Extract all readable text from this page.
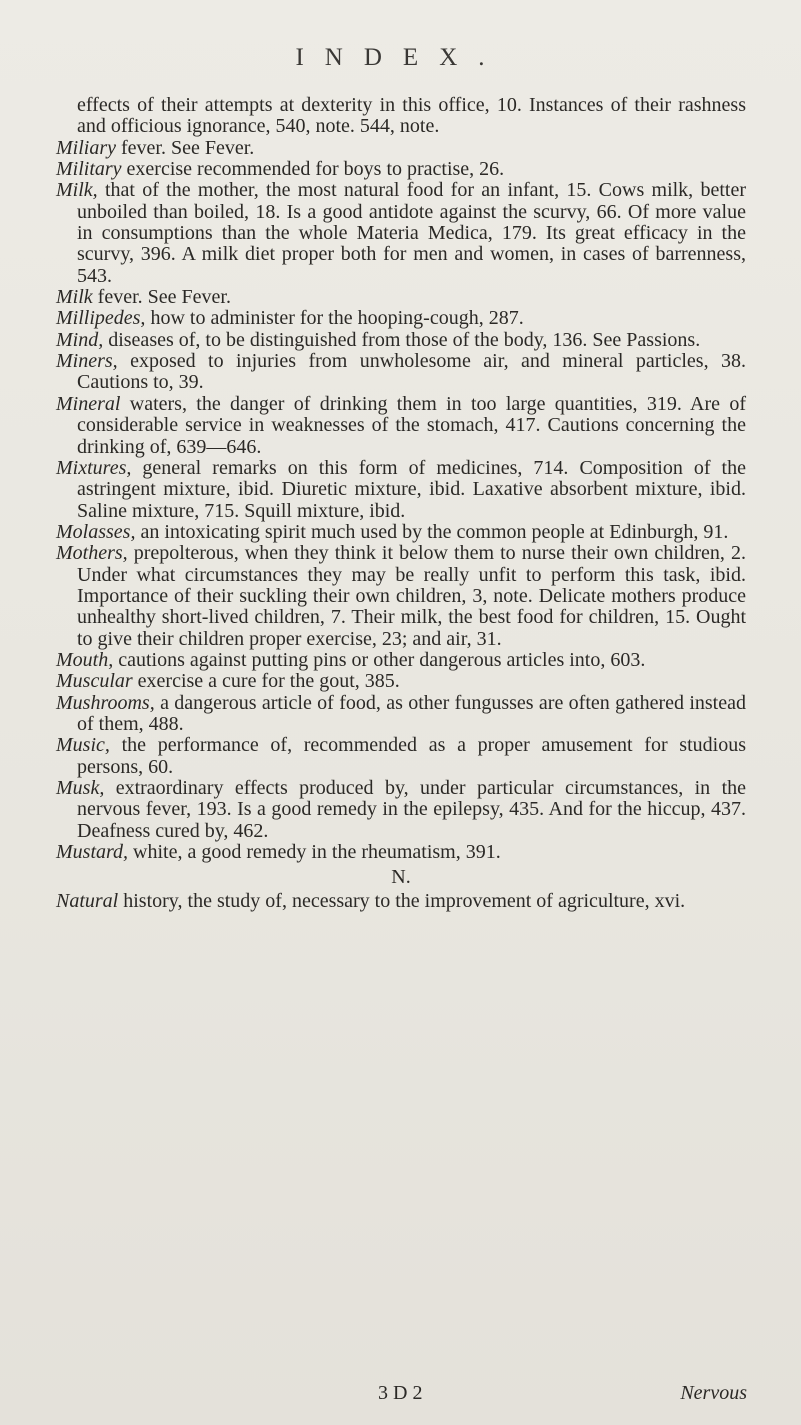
INDEX.

effects of their attempts at dexterity in this office, 10. Instances of their rashness and officious ignorance, 540, note. 544, note.

Miliary fever. See Fever.

Military exercise recommended for boys to practise, 26.

Milk, that of the mother, the most natural food for an infant, 15. Cows milk, better unboiled than boiled, 18. Is a good antidote against the scurvy, 66. Of more value in consumptions than the whole Materia Medica, 179. Its great efficacy in the scurvy, 396. A milk diet proper both for men and women, in cases of barrenness, 543.

Milk fever. See Fever.

Millipedes, how to administer for the hooping-cough, 287.

Mind, diseases of, to be distinguished from those of the body, 136. See Passions.

Miners, exposed to injuries from unwholesome air, and mineral particles, 38. Cautions to, 39.

Mineral waters, the danger of drinking them in too large quantities, 319. Are of considerable service in weaknesses of the stomach, 417. Cautions concerning the drinking of, 639—646.

Mixtures, general remarks on this form of medicines, 714. Composition of the astringent mixture, ibid. Diuretic mixture, ibid. Laxative absorbent mixture, ibid. Saline mixture, 715. Squill mixture, ibid.

Molasses, an intoxicating spirit much used by the common people at Edinburgh, 91.

Mothers, prepolterous, when they think it below them to nurse their own children, 2. Under what circumstances they may be really unfit to perform this task, ibid. Importance of their suckling their own children, 3, note. Delicate mothers produce unhealthy short-lived children, 7. Their milk, the best food for children, 15. Ought to give their children proper exercise, 23; and air, 31.

Mouth, cautions against putting pins or other dangerous articles into, 603.

Muscular exercise a cure for the gout, 385.

Mushrooms, a dangerous article of food, as other fungusses are often gathered instead of them, 488.

Music, the performance of, recommended as a proper amusement for studious persons, 60.

Musk, extraordinary effects produced by, under particular circumstances, in the nervous fever, 193. Is a good remedy in the epilepsy, 435. And for the hiccup, 437. Deafness cured by, 462.

Mustard, white, a good remedy in the rheumatism, 391.

N.

Natural history, the study of, necessary to the improvement of agriculture, xvi.

3 D 2	Nervous
